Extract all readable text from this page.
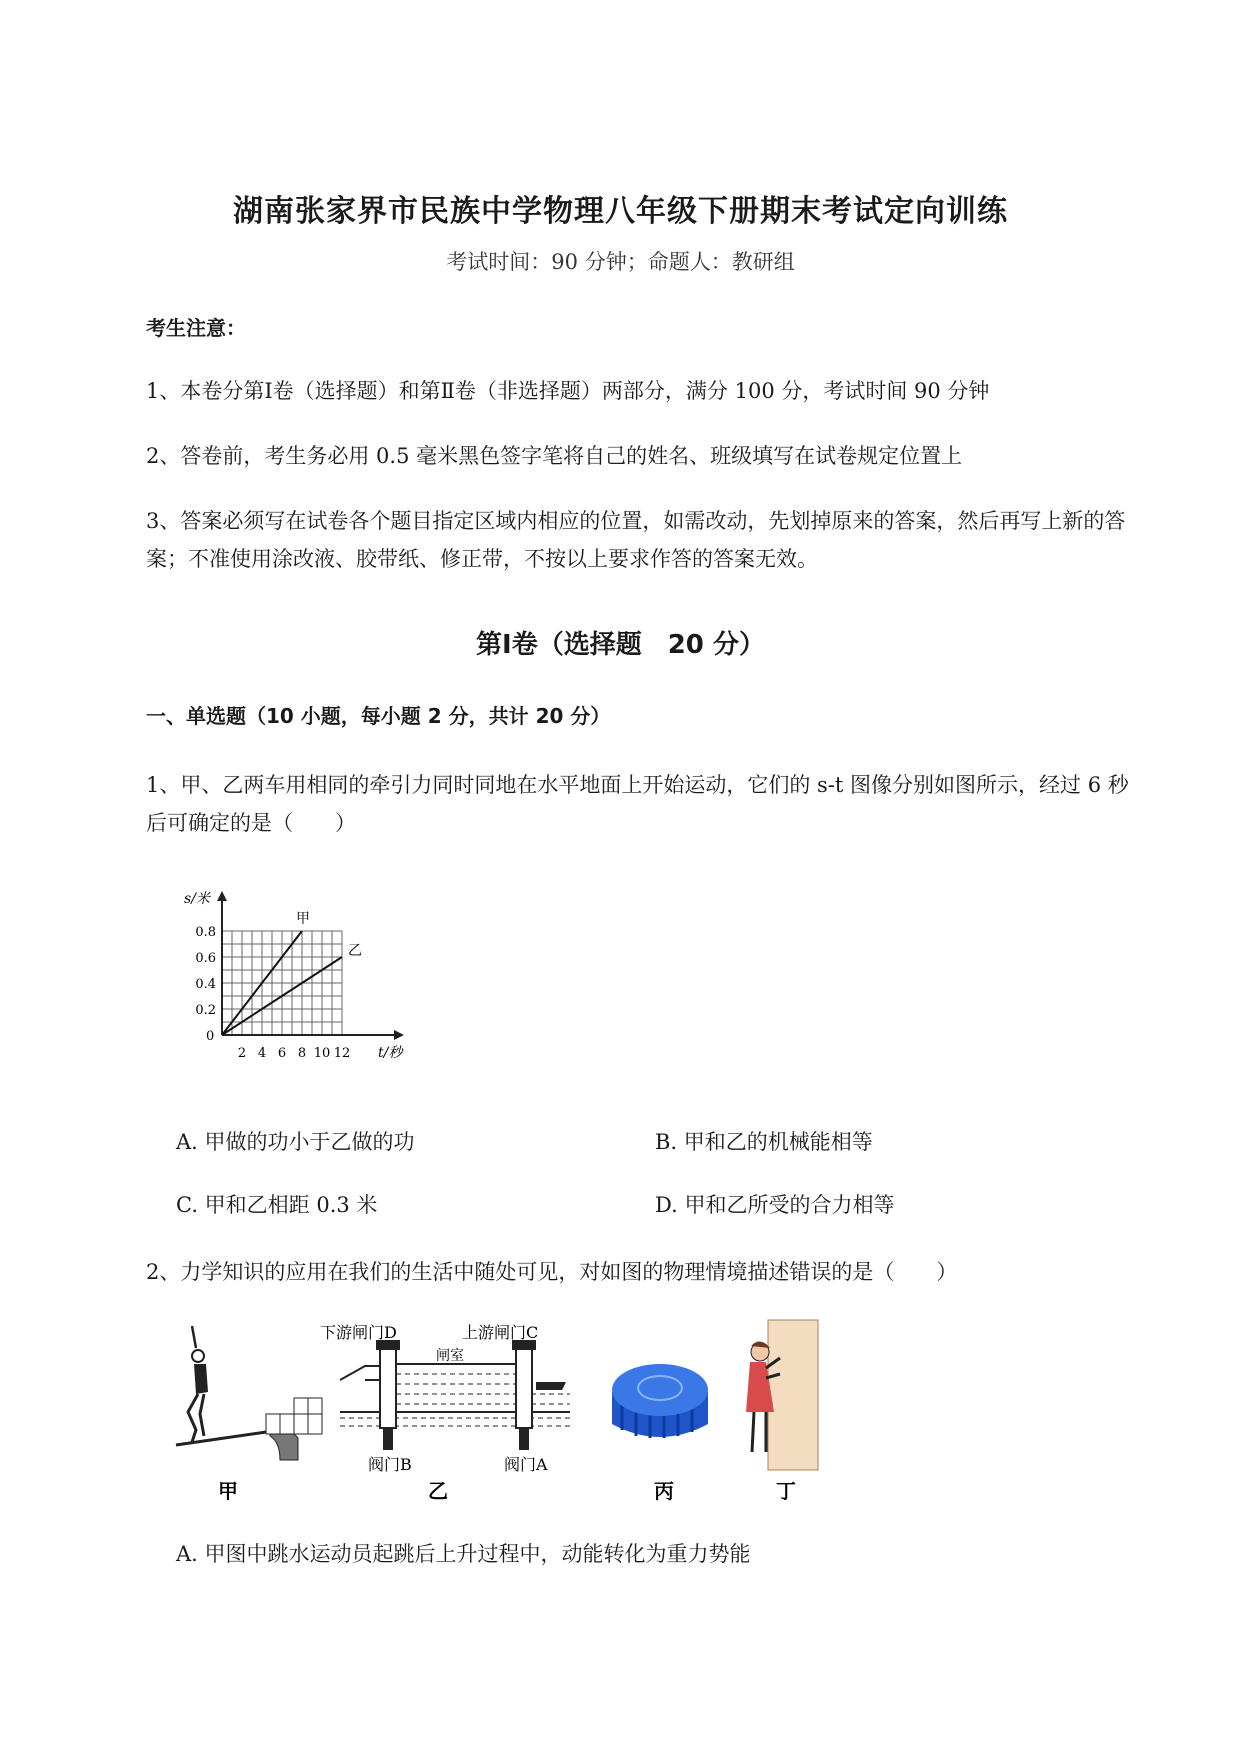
湖南张家界市民族中学物理八年级下册期末考试定向训练
考试时间：90 分钟；命题人：教研组
考生注意：
1、本卷分第Ⅰ卷（选择题）和第Ⅱ卷（非选择题）两部分，满分 100 分，考试时间 90 分钟
2、答卷前，考生务必用 0.5 毫米黑色签字笔将自己的姓名、班级填写在试卷规定位置上
3、答案必须写在试卷各个题目指定区域内相应的位置，如需改动，先划掉原来的答案，然后再写上新的答案；不准使用涂改液、胶带纸、修正带，不按以上要求作答的答案无效。
第Ⅰ卷（选择题　20 分）
一、单选题（10 小题，每小题 2 分，共计 20 分）
1、甲、乙两车用相同的牵引力同时同地在水平地面上开始运动，它们的 s-t 图像分别如图所示，经过 6 秒后可确定的是（　　）
2 4 6 8 10 12
0.2
0.4
0.6
0.8
甲
乙
s/米
t/秒
0
A. 甲做的功小于乙做的功	B. 甲和乙的机械能相等
C. 甲和乙相距 0.3 米	D. 甲和乙所受的合力相等
2、力学知识的应用在我们的生活中随处可见，对如图的物理情境描述错误的是（　　）
甲
下游闸门D	上游闸门C
闸室
阀门B	阀门A
乙	丙	丁
A. 甲图中跳水运动员起跳后上升过程中，动能转化为重力势能
